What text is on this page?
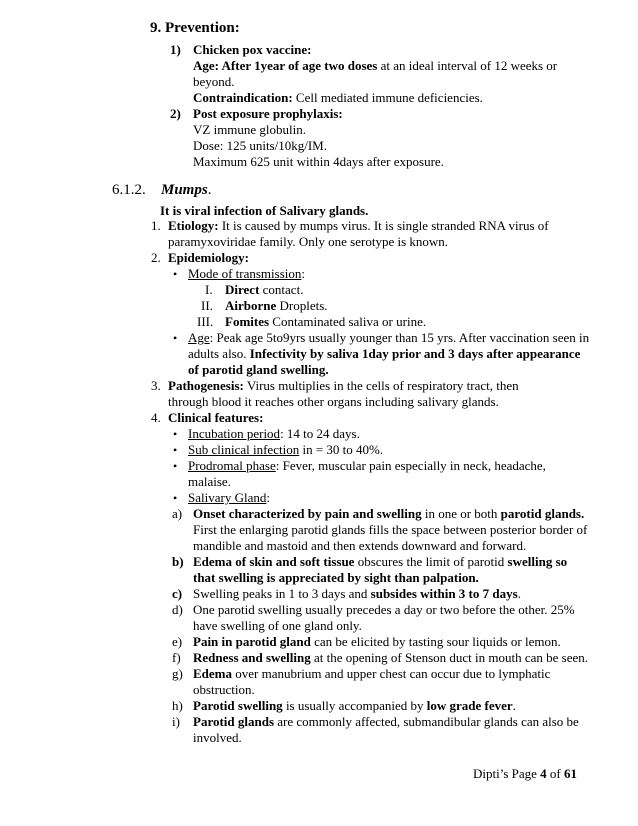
9. Prevention:
1) Chicken pox vaccine:
Age: After 1year of age two doses at an ideal interval of 12 weeks or
beyond.
Contraindication: Cell mediated immune deficiencies.
2) Post exposure prophylaxis:
VZ immune globulin.
Dose: 125 units/10kg/IM.
Maximum 625 unit within 4days after exposure.
6.1.2. Mumps.
It is viral infection of Salivary glands.
1. Etiology: It is caused by mumps virus. It is single stranded RNA virus of
paramyxoviridae family. Only one serotype is known.
2. Epidemiology:
• Mode of transmission:
I. Direct contact.
II. Airborne Droplets.
III. Fomites Contaminated saliva or urine.
• Age: Peak age 5to9yrs usually younger than 15 yrs. After vaccination seen in
adults also. Infectivity by saliva 1day prior and 3 days after appearance
of parotid gland swelling.
3. Pathogenesis: Virus multiplies in the cells of respiratory tract, then
through blood it reaches other organs including salivary glands.
4. Clinical features:
• Incubation period: 14 to 24 days.
• Sub clinical infection in = 30 to 40%.
• Prodromal phase: Fever, muscular pain especially in neck, headache,
malaise.
• Salivary Gland:
a) Onset characterized by pain and swelling in one or both parotid glands.
First the enlarging parotid glands fills the space between posterior border of
mandible and mastoid and then extends downward and forward.
b) Edema of skin and soft tissue obscures the limit of parotid swelling so
that swelling is appreciated by sight than palpation.
c) Swelling peaks in 1 to 3 days and subsides within 3 to 7 days.
d) One parotid swelling usually precedes a day or two before the other. 25%
have swelling of one gland only.
e) Pain in parotid gland can be elicited by tasting sour liquids or lemon.
f) Redness and swelling at the opening of Stenson duct in mouth can be seen.
g) Edema over manubrium and upper chest can occur due to lymphatic
obstruction.
h) Parotid swelling is usually accompanied by low grade fever.
i) Parotid glands are commonly affected, submandibular glands can also be
involved.
Dipti’s Page 4 of 61
